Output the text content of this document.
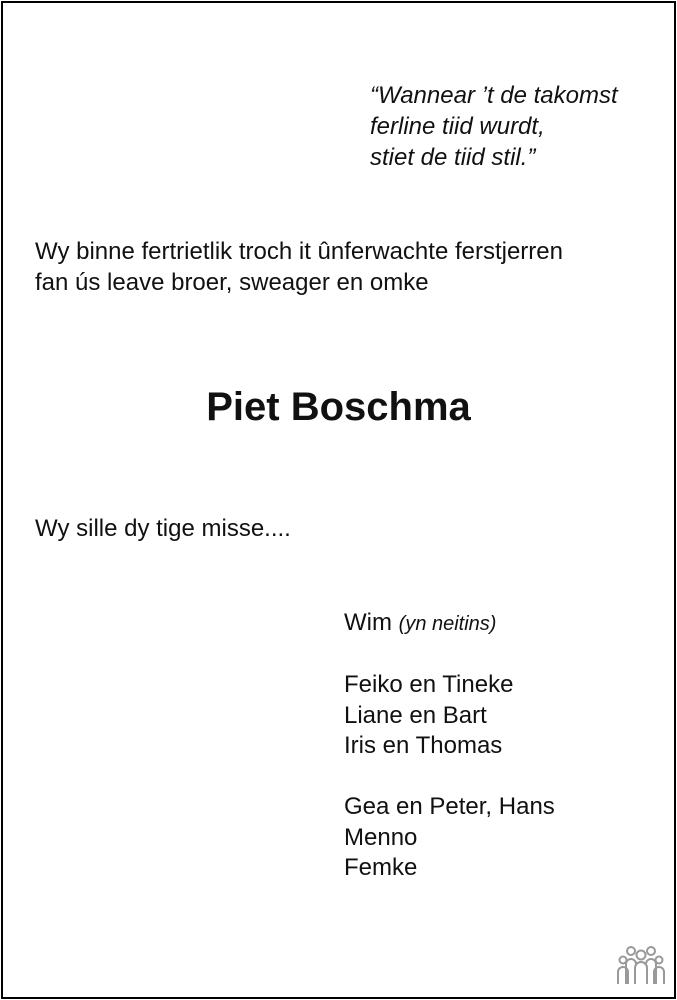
“Wannear ’t de takomst
ferline tiid wurdt,
stiet de tiid stil.”
Wy binne fertrietlik troch it ûnferwachte ferstjerren
fan ús leave broer, sweager en omke
Piet Boschma
Wy sille dy tige misse....
Wim (yn neitins)
Feiko en Tineke
Liane en Bart
Iris en Thomas
Gea en Peter, Hans
Menno
Femke
